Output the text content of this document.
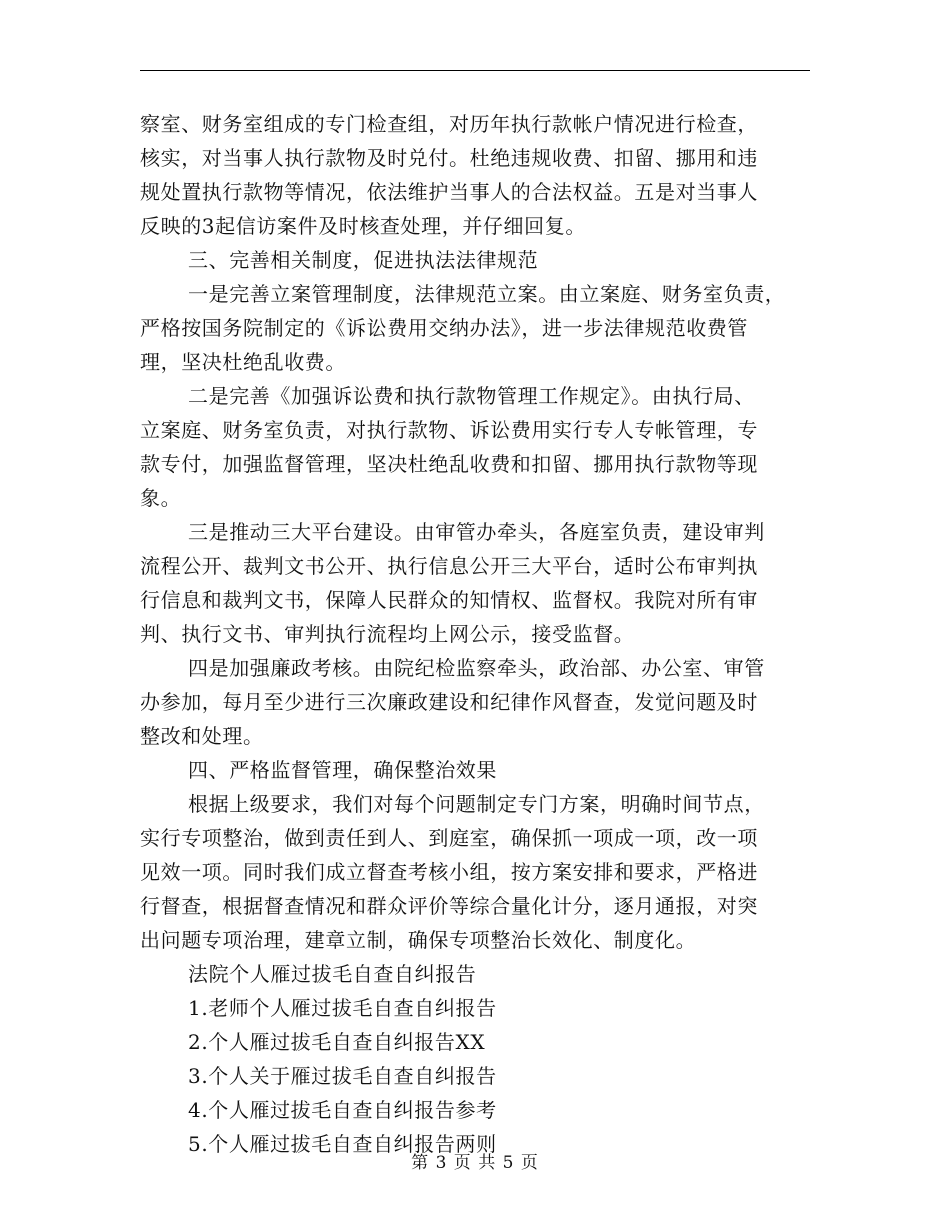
察室、财务室组成的专门检查组，对历年执行款帐户情况进行检查，
核实，对当事人执行款物及时兑付。杜绝违规收费、扣留、挪用和违
规处置执行款物等情况，依法维护当事人的合法权益。五是对当事人
反映的3起信访案件及时核查处理，并仔细回复。
三、完善相关制度，促进执法法律规范
一是完善立案管理制度，法律规范立案。由立案庭、财务室负责，
严格按国务院制定的《诉讼费用交纳办法》，进一步法律规范收费管
理，坚决杜绝乱收费。
二是完善《加强诉讼费和执行款物管理工作规定》。由执行局、
立案庭、财务室负责，对执行款物、诉讼费用实行专人专帐管理，专
款专付，加强监督管理，坚决杜绝乱收费和扣留、挪用执行款物等现
象。
三是推动三大平台建设。由审管办牵头，各庭室负责，建设审判
流程公开、裁判文书公开、执行信息公开三大平台，适时公布审判执
行信息和裁判文书，保障人民群众的知情权、监督权。我院对所有审
判、执行文书、审判执行流程均上网公示，接受监督。
四是加强廉政考核。由院纪检监察牵头，政治部、办公室、审管
办参加，每月至少进行三次廉政建设和纪律作风督查，发觉问题及时
整改和处理。
四、严格监督管理，确保整治效果
根据上级要求，我们对每个问题制定专门方案，明确时间节点，
实行专项整治，做到责任到人、到庭室，确保抓一项成一项，改一项
见效一项。同时我们成立督查考核小组，按方案安排和要求，严格进
行督查，根据督查情况和群众评价等综合量化计分，逐月通报，对突
出问题专项治理，建章立制，确保专项整治长效化、制度化。
法院个人雁过拔毛自查自纠报告
1.老师个人雁过拔毛自查自纠报告
2.个人雁过拔毛自查自纠报告XX
3.个人关于雁过拔毛自查自纠报告
4.个人雁过拔毛自查自纠报告参考
5.个人雁过拔毛自查自纠报告两则
第 3 页 共 5 页
